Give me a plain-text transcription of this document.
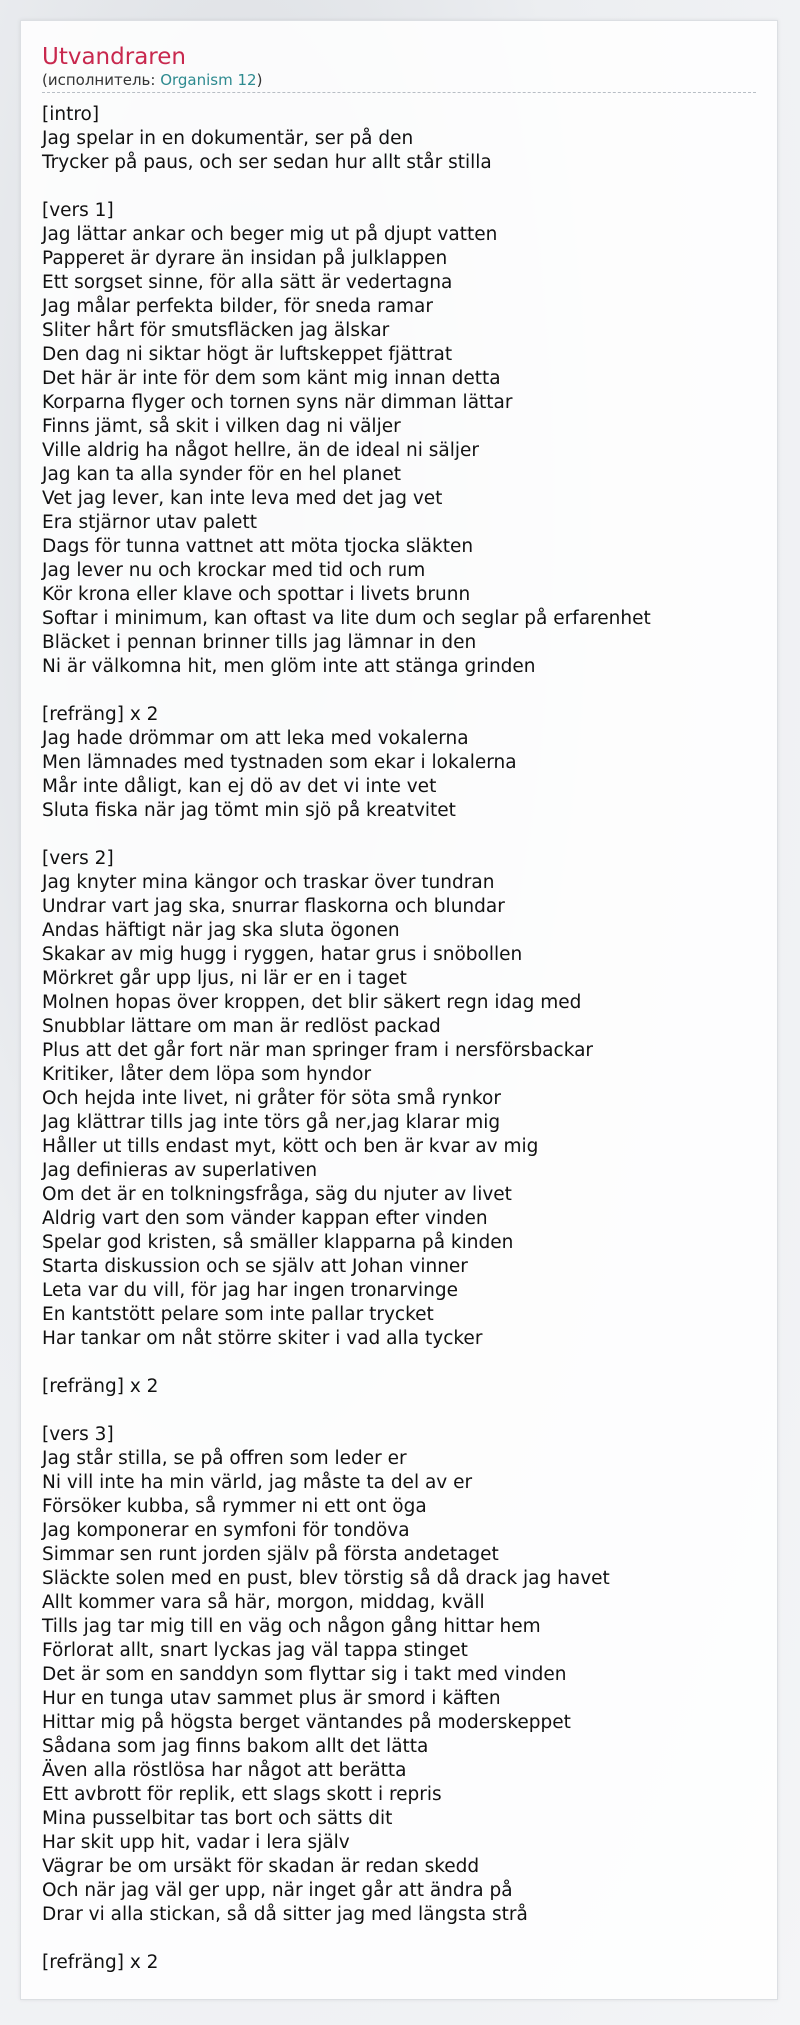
Utvandraren
(исполнитель: Organism 12)
[intro]
Jag spelar in en dokumentär, ser på den
Trycker på paus, och ser sedan hur allt står stilla
[vers 1]
Jag lättar ankar och beger mig ut på djupt vatten
Papperet är dyrare än insidan på julklappen
Ett sorgset sinne, för alla sätt är vedertagna
Jag målar perfekta bilder, för sneda ramar
Sliter hårt för smutsfläcken jag älskar
Den dag ni siktar högt är luftskeppet fjättrat
Det här är inte för dem som känt mig innan detta
Korparna flyger och tornen syns när dimman lättar
Finns jämt, så skit i vilken dag ni väljer
Ville aldrig ha något hellre, än de ideal ni säljer
Jag kan ta alla synder för en hel planet
Vet jag lever, kan inte leva med det jag vet
Era stjärnor utav palett
Dags för tunna vattnet att möta tjocka släkten
Jag lever nu och krockar med tid och rum
Kör krona eller klave och spottar i livets brunn
Softar i minimum, kan oftast va lite dum och seglar på erfarenhet
Bläcket i pennan brinner tills jag lämnar in den
Ni är välkomna hit, men glöm inte att stänga grinden
[refräng] x 2
Jag hade drömmar om att leka med vokalerna
Men lämnades med tystnaden som ekar i lokalerna
Mår inte dåligt, kan ej dö av det vi inte vet
Sluta fiska när jag tömt min sjö på kreatvitet
[vers 2]
Jag knyter mina kängor och traskar över tundran
Undrar vart jag ska, snurrar flaskorna och blundar
Andas häftigt när jag ska sluta ögonen
Skakar av mig hugg i ryggen, hatar grus i snöbollen
Mörkret går upp ljus, ni lär er en i taget
Molnen hopas över kroppen, det blir säkert regn idag med
Snubblar lättare om man är redlöst packad
Plus att det går fort när man springer fram i nersförsbackar
Kritiker, låter dem löpa som hyndor
Och hejda inte livet, ni gråter för söta små rynkor
Jag klättrar tills jag inte törs gå ner,jag klarar mig
Håller ut tills endast myt, kött och ben är kvar av mig
Jag definieras av superlativen
Om det är en tolkningsfråga, säg du njuter av livet
Aldrig vart den som vänder kappan efter vinden
Spelar god kristen, så smäller klapparna på kinden
Starta diskussion och se själv att Johan vinner
Leta var du vill, för jag har ingen tronarvinge
En kantstött pelare som inte pallar trycket
Har tankar om nåt större skiter i vad alla tycker
[refräng] x 2
[vers 3]
Jag står stilla, se på offren som leder er
Ni vill inte ha min värld, jag måste ta del av er
Försöker kubba, så rymmer ni ett ont öga
Jag komponerar en symfoni för tondöva
Simmar sen runt jorden själv på första andetaget
Släckte solen med en pust, blev törstig så då drack jag havet
Allt kommer vara så här, morgon, middag, kväll
Tills jag tar mig till en väg och någon gång hittar hem
Förlorat allt, snart lyckas jag väl tappa stinget
Det är som en sanddyn som flyttar sig i takt med vinden
Hur en tunga utav sammet plus är smord i käften
Hittar mig på högsta berget väntandes på moderskeppet
Sådana som jag finns bakom allt det lätta
Även alla röstlösa har något att berätta
Ett avbrott för replik, ett slags skott i repris
Mina pusselbitar tas bort och sätts dit
Har skit upp hit, vadar i lera själv
Vägrar be om ursäkt för skadan är redan skedd
Och när jag väl ger upp, när inget går att ändra på
Drar vi alla stickan, så då sitter jag med längsta strå
[refräng] x 2
